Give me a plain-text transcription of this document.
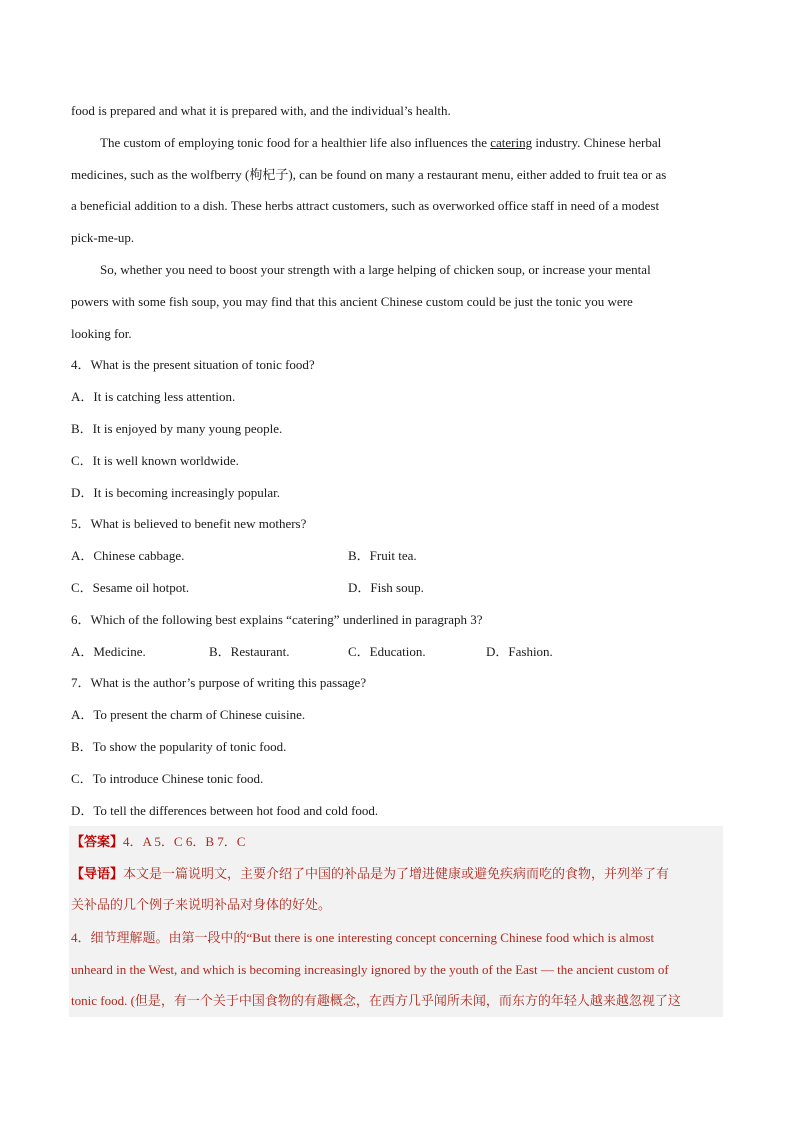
food is prepared and what it is prepared with, and the individual’s health.
The custom of employing tonic food for a healthier life also influences the catering industry. Chinese herbal
medicines, such as the wolfberry (枸杞子), can be found on many a restaurant menu, either added to fruit tea or as
a beneficial addition to a dish. These herbs attract customers, such as overworked office staff in need of a modest
pick-me-up.
So, whether you need to boost your strength with a large helping of chicken soup, or increase your mental
powers with some fish soup, you may find that this ancient Chinese custom could be just the tonic you were
looking for.
4．What is the present situation of tonic food?
A．It is catching less attention.
B．It is enjoyed by many young people.
C．It is well known worldwide.
D．It is becoming increasingly popular.
5．What is believed to benefit new mothers?
A．Chinese cabbage.	B．Fruit tea.
C．Sesame oil hotpot.	D．Fish soup.
6．Which of the following best explains “catering” underlined in paragraph 3?
A．Medicine.	B．Restaurant.	C．Education.	D．Fashion.
7．What is the author’s purpose of writing this passage?
A．To present the charm of Chinese cuisine.
B．To show the popularity of tonic food.
C．To introduce Chinese tonic food.
D．To tell the differences between hot food and cold food.
【答案】4．A 5．C 6．B 7．C
【导语】本文是一篇说明文，主要介绍了中国的补品是为了增进健康或避免疾病而吃的食物，并列举了有
关补品的几个例子来说明补品对身体的好处。
4．细节理解题。由第一段中的“But there is one interesting concept concerning Chinese food which is almost
unheard in the West, and which is becoming increasingly ignored by the youth of the East — the ancient custom of
tonic food. (但是，有一个关于中国食物的有趣概念，在西方几乎闻所未闻，而东方的年轻人越来越忽视了这
